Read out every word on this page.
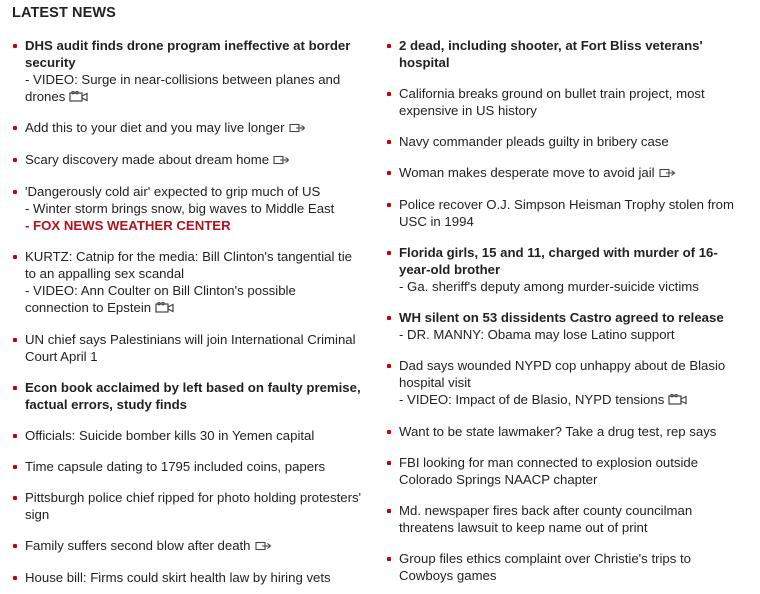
LATEST NEWS
DHS audit finds drone program ineffective at border security
- VIDEO: Surge in near-collisions between planes and drones
Add this to your diet and you may live longer
Scary discovery made about dream home
'Dangerously cold air' expected to grip much of US
- Winter storm brings snow, big waves to Middle East
- FOX NEWS WEATHER CENTER
KURTZ: Catnip for the media: Bill Clinton's tangential tie to an appalling sex scandal
- VIDEO: Ann Coulter on Bill Clinton's possible connection to Epstein
UN chief says Palestinians will join International Criminal Court April 1
Econ book acclaimed by left based on faulty premise, factual errors, study finds
Officials: Suicide bomber kills 30 in Yemen capital
Time capsule dating to 1795 included coins, papers
Pittsburgh police chief ripped for photo holding protesters' sign
Family suffers second blow after death
House bill: Firms could skirt health law by hiring vets
2 dead, including shooter, at Fort Bliss veterans' hospital
California breaks ground on bullet train project, most expensive in US history
Navy commander pleads guilty in bribery case
Woman makes desperate move to avoid jail
Police recover O.J. Simpson Heisman Trophy stolen from USC in 1994
Florida girls, 15 and 11, charged with murder of 16-year-old brother
- Ga. sheriff's deputy among murder-suicide victims
WH silent on 53 dissidents Castro agreed to release
- DR. MANNY: Obama may lose Latino support
Dad says wounded NYPD cop unhappy about de Blasio hospital visit
- VIDEO: Impact of de Blasio, NYPD tensions
Want to be state lawmaker? Take a drug test, rep says
FBI looking for man connected to explosion outside Colorado Springs NAACP chapter
Md. newspaper fires back after county councilman threatens lawsuit to keep name out of print
Group files ethics complaint over Christie's trips to Cowboys games
